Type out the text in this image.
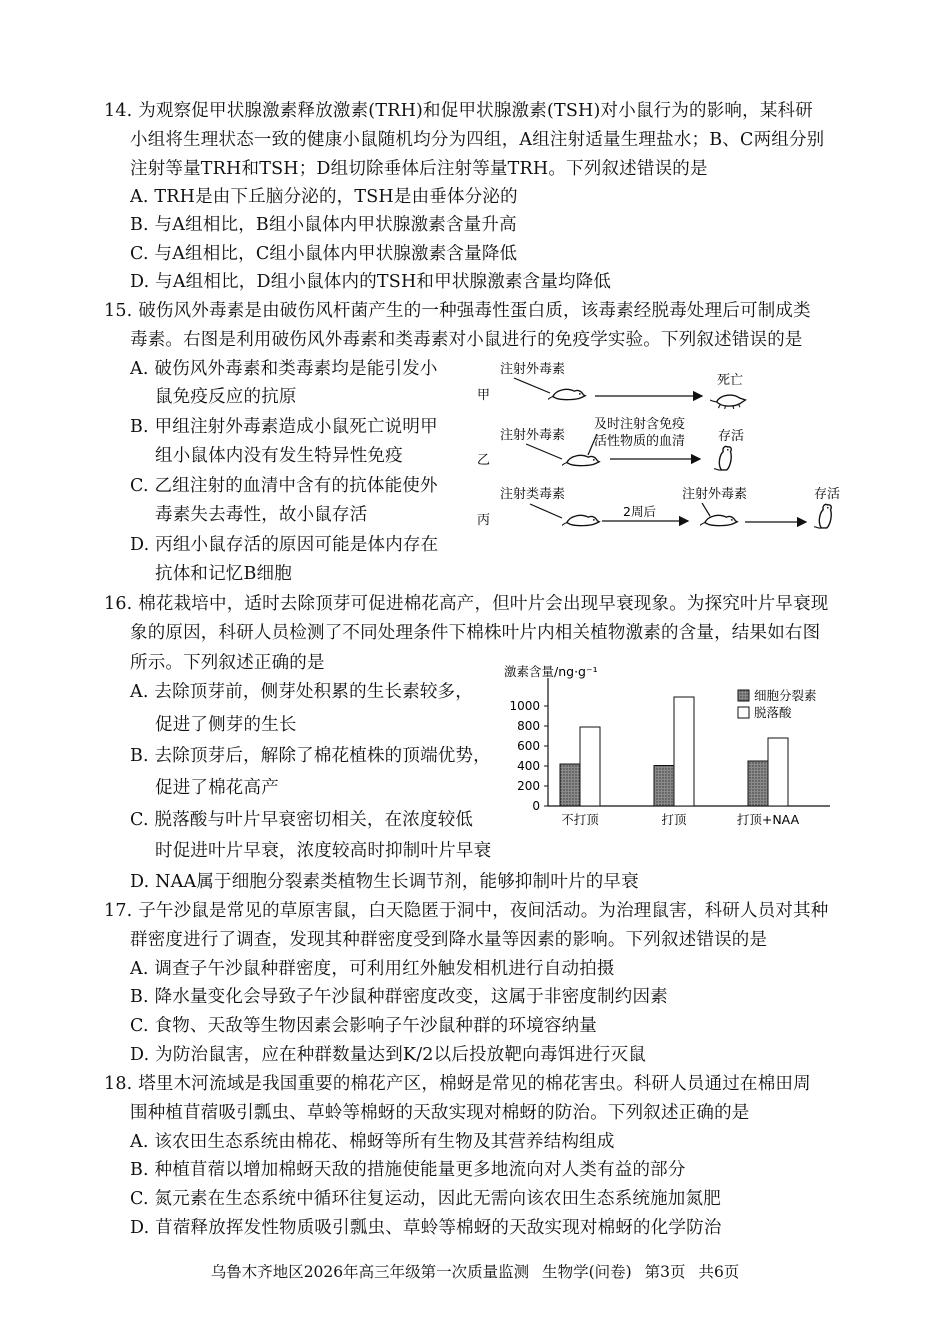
14. 为观察促甲状腺激素释放激素(TRH)和促甲状腺激素(TSH)对小鼠行为的影响，某科研
小组将生理状态一致的健康小鼠随机均分为四组，A组注射适量生理盐水；B、C两组分别
注射等量TRH和TSH；D组切除垂体后注射等量TRH。下列叙述错误的是
A. TRH是由下丘脑分泌的，TSH是由垂体分泌的
B. 与A组相比，B组小鼠体内甲状腺激素含量升高
C. 与A组相比，C组小鼠体内甲状腺激素含量降低
D. 与A组相比，D组小鼠体内的TSH和甲状腺激素含量均降低
15. 破伤风外毒素是由破伤风杆菌产生的一种强毒性蛋白质，该毒素经脱毒处理后可制成类
毒素。右图是利用破伤风外毒素和类毒素对小鼠进行的免疫学实验。下列叙述错误的是
A. 破伤风外毒素和类毒素均是能引发小
鼠免疫反应的抗原
B. 甲组注射外毒素造成小鼠死亡说明甲
组小鼠体内没有发生特异性免疫
C. 乙组注射的血清中含有的抗体能使外
毒素失去毒性，故小鼠存活
D. 丙组小鼠存活的原因可能是体内存在
抗体和记忆B细胞
甲
乙
丙
注射外毒素
死亡
注射外毒素
及时注射含免疫
活性物质的血清	存活
注射类毒素
2周后
注射外毒素	存活
16. 棉花栽培中，适时去除顶芽可促进棉花高产，但叶片会出现早衰现象。为探究叶片早衰现
象的原因，科研人员检测了不同处理条件下棉株叶片内相关植物激素的含量，结果如右图
所示。下列叙述正确的是
A. 去除顶芽前，侧芽处积累的生长素较多，
促进了侧芽的生长
B. 去除顶芽后，解除了棉花植株的顶端优势，
促进了棉花高产
C. 脱落酸与叶片早衰密切相关，在浓度较低
时促进叶片早衰，浓度较高时抑制叶片早衰
D. NAA属于细胞分裂素类植物生长调节剂，能够抑制叶片的早衰
激素含量/ng·g⁻¹
0
200
400
600
800
1000
不打顶	打顶	打顶+NAA
细胞分裂素
脱落酸
17. 子午沙鼠是常见的草原害鼠，白天隐匿于洞中，夜间活动。为治理鼠害，科研人员对其种
群密度进行了调查，发现其种群密度受到降水量等因素的影响。下列叙述错误的是
A. 调查子午沙鼠种群密度，可利用红外触发相机进行自动拍摄
B. 降水量变化会导致子午沙鼠种群密度改变，这属于非密度制约因素
C. 食物、天敌等生物因素会影响子午沙鼠种群的环境容纳量
D. 为防治鼠害，应在种群数量达到K/2以后投放靶向毒饵进行灭鼠
18. 塔里木河流域是我国重要的棉花产区，棉蚜是常见的棉花害虫。科研人员通过在棉田周
围种植苜蓿吸引瓢虫、草蛉等棉蚜的天敌实现对棉蚜的防治。下列叙述正确的是
A. 该农田生态系统由棉花、棉蚜等所有生物及其营养结构组成
B. 种植苜蓿以增加棉蚜天敌的措施使能量更多地流向对人类有益的部分
C. 氮元素在生态系统中循环往复运动，因此无需向该农田生态系统施加氮肥
D. 苜蓿释放挥发性物质吸引瓢虫、草蛉等棉蚜的天敌实现对棉蚜的化学防治
乌鲁木齐地区2026年高三年级第一次质量监测 生物学(问卷) 第3页 共6页
